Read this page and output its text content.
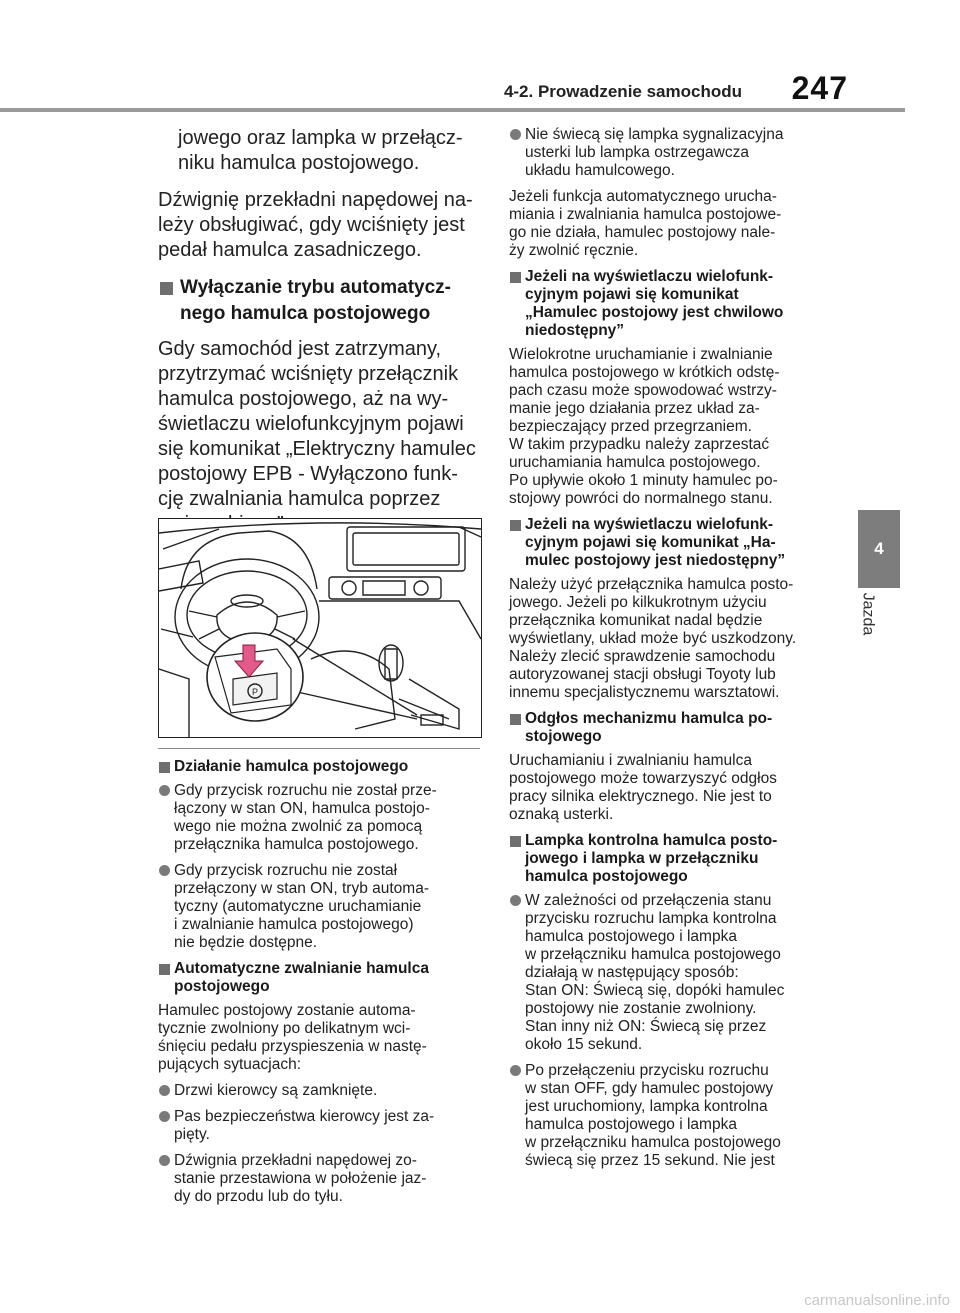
4-2. Prowadzenie samochodu 247
4
Jazda

jowego oraz lampka w przełącz-
niku hamulca postojowego.

Dźwignię przekładni napędowej na-
leży obsługiwać, gdy wciśnięty jest
pedał hamulca zasadniczego.

Wyłączanie trybu automatycz-
nego hamulca postojowego

Gdy samochód jest zatrzymany,
przytrzymać wciśnięty przełącznik
hamulca postojowego, aż na wy-
świetlaczu wielofunkcyjnym pojawi
się komunikat „Elektryczny hamulec
postojowy EPB - Wyłączono funk-
cję zwalniania hamulca poprzez

P
Działanie hamulca postojowego
Gdy przycisk rozruchu nie został prze-
łączony w stan ON, hamulca postojo-
wego nie można zwolnić za pomocą
przełącznika hamulca postojowego.
Gdy przycisk rozruchu nie został
przełączony w stan ON, tryb automa-
tyczny (automatyczne uruchamianie
i zwalnianie hamulca postojowego)
nie będzie dostępne.
Automatyczne zwalnianie hamulca
postojowego

Hamulec postojowy zostanie automa-
tycznie zwolniony po delikatnym wci-
śnięciu pedału przyspieszenia w nastę-
pujących sytuacjach:

Drzwi kierowcy są zamknięte.
Pas bezpieczeństwa kierowcy jest za-
pięty.
Dźwignia przekładni napędowej zo-
stanie przestawiona w położenie jaz-
dy do przodu lub do tyłu.
Nie świecą się lampka sygnalizacyjna
usterki lub lampka ostrzegawcza
układu hamulcowego.

Jeżeli funkcja automatycznego urucha-
miania i zwalniania hamulca postojowe-
go nie działa, hamulec postojowy nale-
ży zwolnić ręcznie.

Jeżeli na wyświetlaczu wielofunk-
cyjnym pojawi się komunikat
„Hamulec postojowy jest chwilowo
niedostępny”

Wielokrotne uruchamianie i zwalnianie
hamulca postojowego w krótkich odstę-
pach czasu może spowodować wstrzy-
manie jego działania przez układ za-
bezpieczający przed przegrzaniem.
W takim przypadku należy zaprzestać
uruchamiania hamulca postojowego.
Po upływie około 1 minuty hamulec po-
stojowy powróci do normalnego stanu.

Jeżeli na wyświetlaczu wielofunk-
cyjnym pojawi się komunikat „Ha-
mulec postojowy jest niedostępny”

Należy użyć przełącznika hamulca posto-
jowego. Jeżeli po kilkukrotnym użyciu
przełącznika komunikat nadal będzie
wyświetlany, układ może być uszkodzony.
Należy zlecić sprawdzenie samochodu
autoryzowanej stacji obsługi Toyoty lub
innemu specjalistycznemu warsztatowi.

Odgłos mechanizmu hamulca po-
stojowego

Uruchamianiu i zwalnianiu hamulca
postojowego może towarzyszyć odgłos
pracy silnika elektrycznego. Nie jest to
oznaką usterki.

Lampka kontrolna hamulca posto-
jowego i lampka w przełączniku
hamulca postojowego
W zależności od przełączenia stanu
przycisku rozruchu lampka kontrolna
hamulca postojowego i lampka
w przełączniku hamulca postojowego
działają w następujący sposób:
Stan ON: Świecą się, dopóki hamulec
postojowy nie zostanie zwolniony.
Stan inny niż ON: Świecą się przez
około 15 sekund.
Po przełączeniu przycisku rozruchu
w stan OFF, gdy hamulec postojowy
jest uruchomiony, lampka kontrolna
hamulca postojowego i lampka
w przełączniku hamulca postojowego
świecą się przez 15 sekund. Nie jest
carmanualsonline.info
